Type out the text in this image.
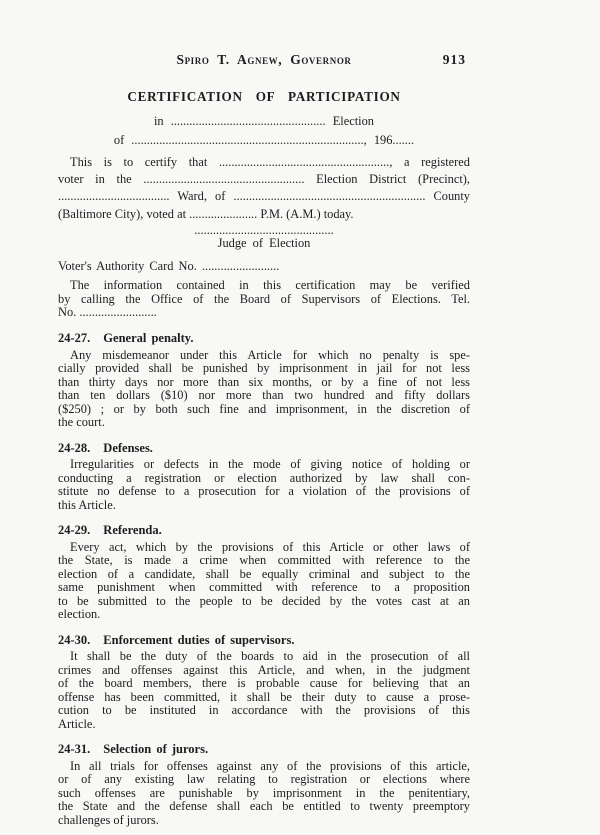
Spiro T. Agnew, Governor	913
CERTIFICATION OF PARTICIPATION
in .................................................. Election
of ..........................................................................., 196.......
This is to certify that ......................................................., a registered
voter in the .................................................... Election District (Precinct),
.................................... Ward, of .............................................................. County
(Baltimore City), voted at ...................... P.M. (A.M.) today.
.............................................
Judge of Election
Voter's Authority Card No. .........................
The information contained in this certification may be verified
by calling the Office of the Board of Supervisors of Elections. Tel.
No. .........................
24-27. General penalty.
Any misdemeanor under this Article for which no penalty is spe-
cially provided shall be punished by imprisonment in jail for not less
than thirty days nor more than six months, or by a fine of not less
than ten dollars ($10) nor more than two hundred and fifty dollars
($250) ; or by both such fine and imprisonment, in the discretion of
the court.
24-28. Defenses.
Irregularities or defects in the mode of giving notice of holding or
conducting a registration or election authorized by law shall con-
stitute no defense to a prosecution for a violation of the provisions of
this Article.
24-29. Referenda.
Every act, which by the provisions of this Article or other laws of
the State, is made a crime when committed with reference to the
election of a candidate, shall be equally criminal and subject to the
same punishment when committed with reference to a proposition
to be submitted to the people to be decided by the votes cast at an
election.
24-30. Enforcement duties of supervisors.
It shall be the duty of the boards to aid in the prosecution of all
crimes and offenses against this Article, and when, in the judgment
of the board members, there is probable cause for believing that an
offense has been committed, it shall be their duty to cause a prose-
cution to be instituted in accordance with the provisions of this
Article.
24-31. Selection of jurors.
In all trials for offenses against any of the provisions of this article,
or of any existing law relating to registration or elections where
such offenses are punishable by imprisonment in the penitentiary,
the State and the defense shall each be entitled to twenty preemptory
challenges of jurors.
